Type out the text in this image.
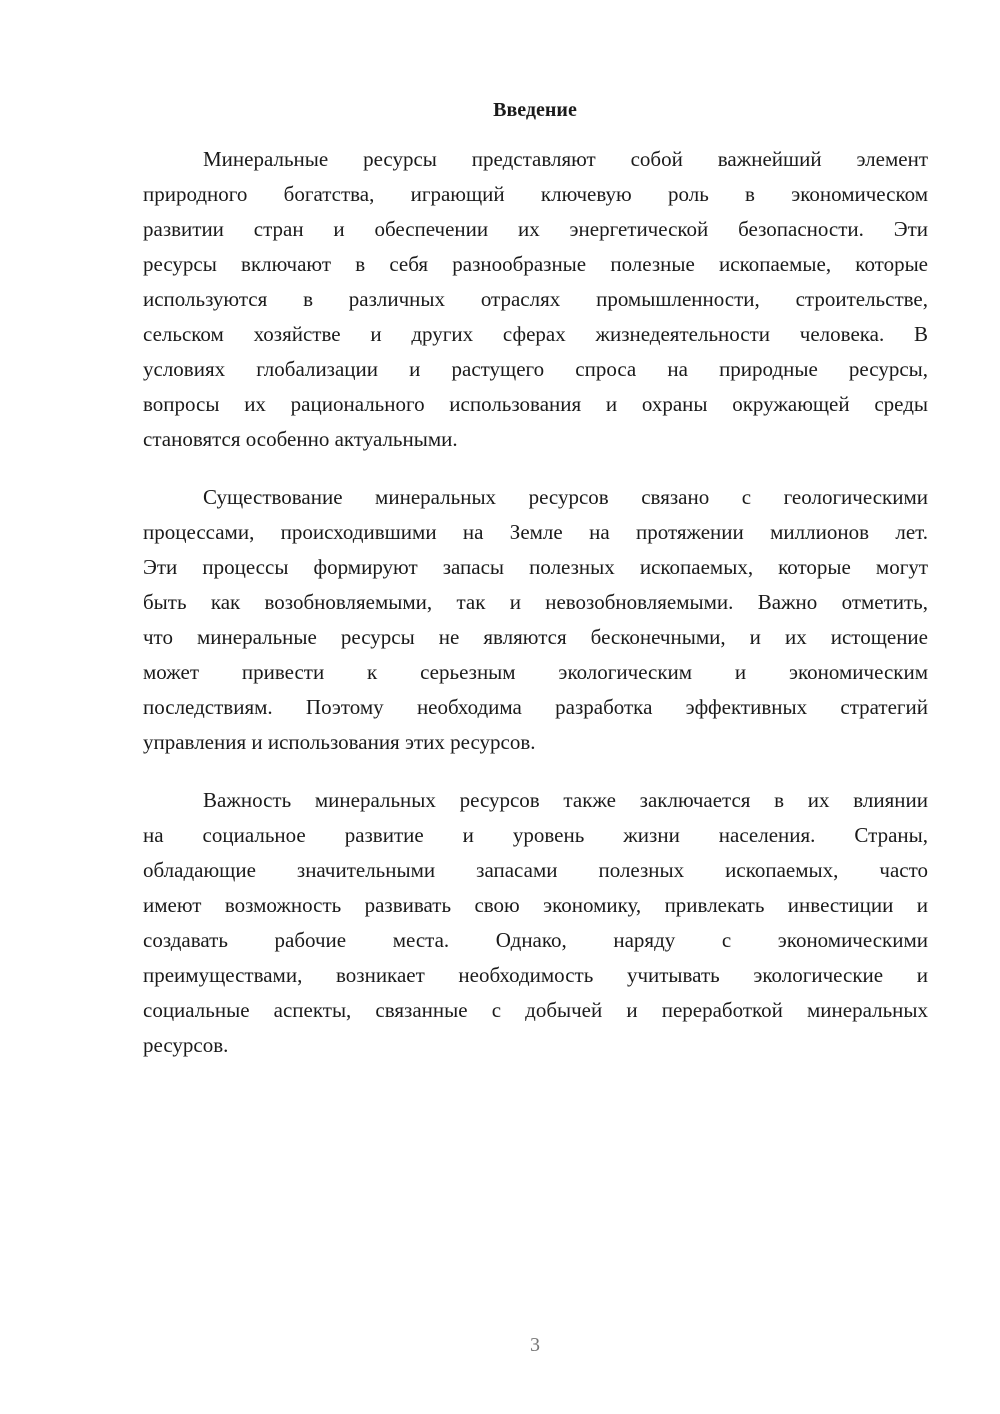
Введение
Минеральные ресурсы представляют собой важнейший элемент
природного богатства, играющий ключевую роль в экономическом
развитии стран и обеспечении их энергетической безопасности. Эти
ресурсы включают в себя разнообразные полезные ископаемые, которые
используются в различных отраслях промышленности, строительстве,
сельском хозяйстве и других сферах жизнедеятельности человека. В
условиях глобализации и растущего спроса на природные ресурсы,
вопросы их рационального использования и охраны окружающей среды
становятся особенно актуальными.
Существование минеральных ресурсов связано с геологическими
процессами, происходившими на Земле на протяжении миллионов лет.
Эти процессы формируют запасы полезных ископаемых, которые могут
быть как возобновляемыми, так и невозобновляемыми. Важно отметить,
что минеральные ресурсы не являются бесконечными, и их истощение
может привести к серьезным экологическим и экономическим
последствиям. Поэтому необходима разработка эффективных стратегий
управления и использования этих ресурсов.
Важность минеральных ресурсов также заключается в их влиянии
на социальное развитие и уровень жизни населения. Страны,
обладающие значительными запасами полезных ископаемых, часто
имеют возможность развивать свою экономику, привлекать инвестиции и
создавать рабочие места. Однако, наряду с экономическими
преимуществами, возникает необходимость учитывать экологические и
социальные аспекты, связанные с добычей и переработкой минеральных
ресурсов.
3
